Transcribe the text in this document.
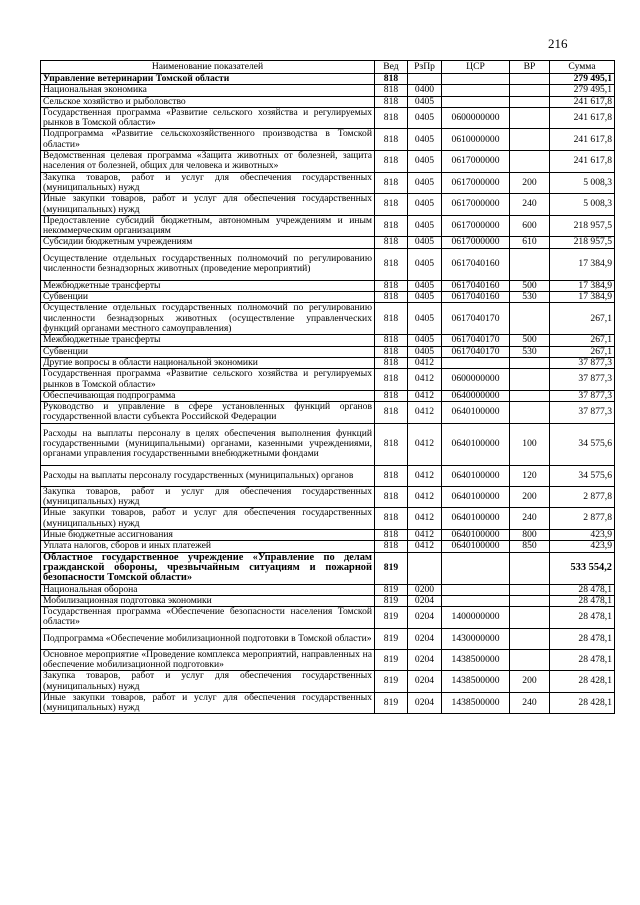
216
Наименование показателей	Вед	РзПр	ЦСР	ВР	Сумма
Управление ветеринарии Томской области	818				279 495,1
Национальная экономика	818	0400			279 495,1
Сельское хозяйство и рыболовство	818	0405			241 617,8
Государственная программа «Развитие сельского хозяйства и регулируемых рынков в Томской области»	818	0405	0600000000		241 617,8
Подпрограмма «Развитие сельскохозяйственного производства в Томской области»	818	0405	0610000000		241 617,8
Ведомственная целевая программа «Защита животных от болезней, защита населения от болезней, общих для человека и животных»	818	0405	0617000000		241 617,8
Закупка товаров, работ и услуг для обеспечения государственных (муниципальных) нужд	818	0405	0617000000	200	5 008,3
Иные закупки товаров, работ и услуг для обеспечения государственных (муниципальных) нужд	818	0405	0617000000	240	5 008,3
Предоставление субсидий бюджетным, автономным учреждениям и иным некоммерческим организациям	818	0405	0617000000	600	218 957,5
Субсидии бюджетным учреждениям	818	0405	0617000000	610	218 957,5
Осуществление отдельных государственных полномочий по регулированию численности безнадзорных животных (проведение мероприятий)	818	0405	0617040160		17 384,9
Межбюджетные трансферты	818	0405	0617040160	500	17 384,9
Субвенции	818	0405	0617040160	530	17 384,9
Осуществление отдельных государственных полномочий по регулированию численности безнадзорных животных (осуществление управленческих функций органами местного самоуправления)	818	0405	0617040170		267,1
Межбюджетные трансферты	818	0405	0617040170	500	267,1
Субвенции	818	0405	0617040170	530	267,1
Другие вопросы в области национальной экономики	818	0412			37 877,3
Государственная программа «Развитие сельского хозяйства и регулируемых рынков в Томской области»	818	0412	0600000000		37 877,3
Обеспечивающая подпрограмма	818	0412	0640000000		37 877,3
Руководство и управление в сфере установленных функций органов государственной власти субъекта Российской Федерации	818	0412	0640100000		37 877,3
Расходы на выплаты персоналу в целях обеспечения выполнения функций государственными (муниципальными) органами, казенными учреждениями, органами управления государственными внебюджетными фондами	818	0412	0640100000	100	34 575,6
Расходы на выплаты персоналу государственных (муниципальных) органов	818	0412	0640100000	120	34 575,6
Закупка товаров, работ и услуг для обеспечения государственных (муниципальных) нужд	818	0412	0640100000	200	2 877,8
Иные закупки товаров, работ и услуг для обеспечения государственных (муниципальных) нужд	818	0412	0640100000	240	2 877,8
Иные бюджетные ассигнования	818	0412	0640100000	800	423,9
Уплата налогов, сборов и иных платежей	818	0412	0640100000	850	423,9
Областное государственное учреждение «Управление по делам гражданской обороны, чрезвычайным ситуациям и пожарной безопасности Томской области»	819				533 554,2
Национальная оборона	819	0200			28 478,1
Мобилизационная подготовка экономики	819	0204			28 478,1
Государственная программа «Обеспечение безопасности населения Томской области»	819	0204	1400000000		28 478,1
Подпрограмма «Обеспечение мобилизационной подготовки в Томской области»	819	0204	1430000000		28 478,1
Основное мероприятие «Проведение комплекса мероприятий, направленных на обеспечение мобилизационной подготовки»	819	0204	1438500000		28 478,1
Закупка товаров, работ и услуг для обеспечения государственных (муниципальных) нужд	819	0204	1438500000	200	28 428,1
Иные закупки товаров, работ и услуг для обеспечения государственных (муниципальных) нужд	819	0204	1438500000	240	28 428,1
